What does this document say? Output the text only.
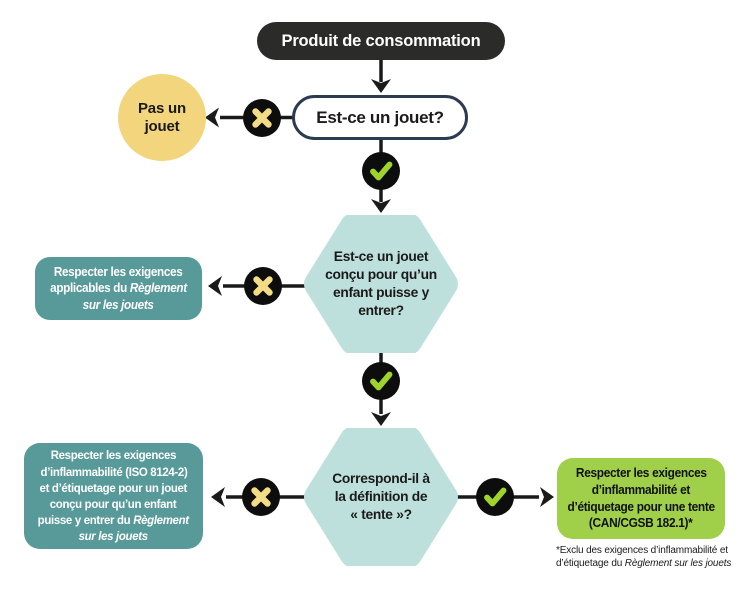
Produit de consommation
Est-ce un jouet?
Pas un
jouet
Est-ce un jouet
conçu pour qu’un
enfant puisse y
entrer?
Correspond-il à
la définition de
« tente »?
Respecter les exigences
applicables du Règlement
sur les jouets
Respecter les exigences
d’inflammabilité (ISO 8124-2)
et d’étiquetage pour un jouet
conçu pour qu’un enfant
puisse y entrer du Règlement
sur les jouets
Respecter les exigences
d’inflammabilité et
d’étiquetage pour une tente
(CAN/CGSB 182.1)*
*Exclu des exigences d’inflammabilité et
d’étiquetage du Règlement sur les jouets
